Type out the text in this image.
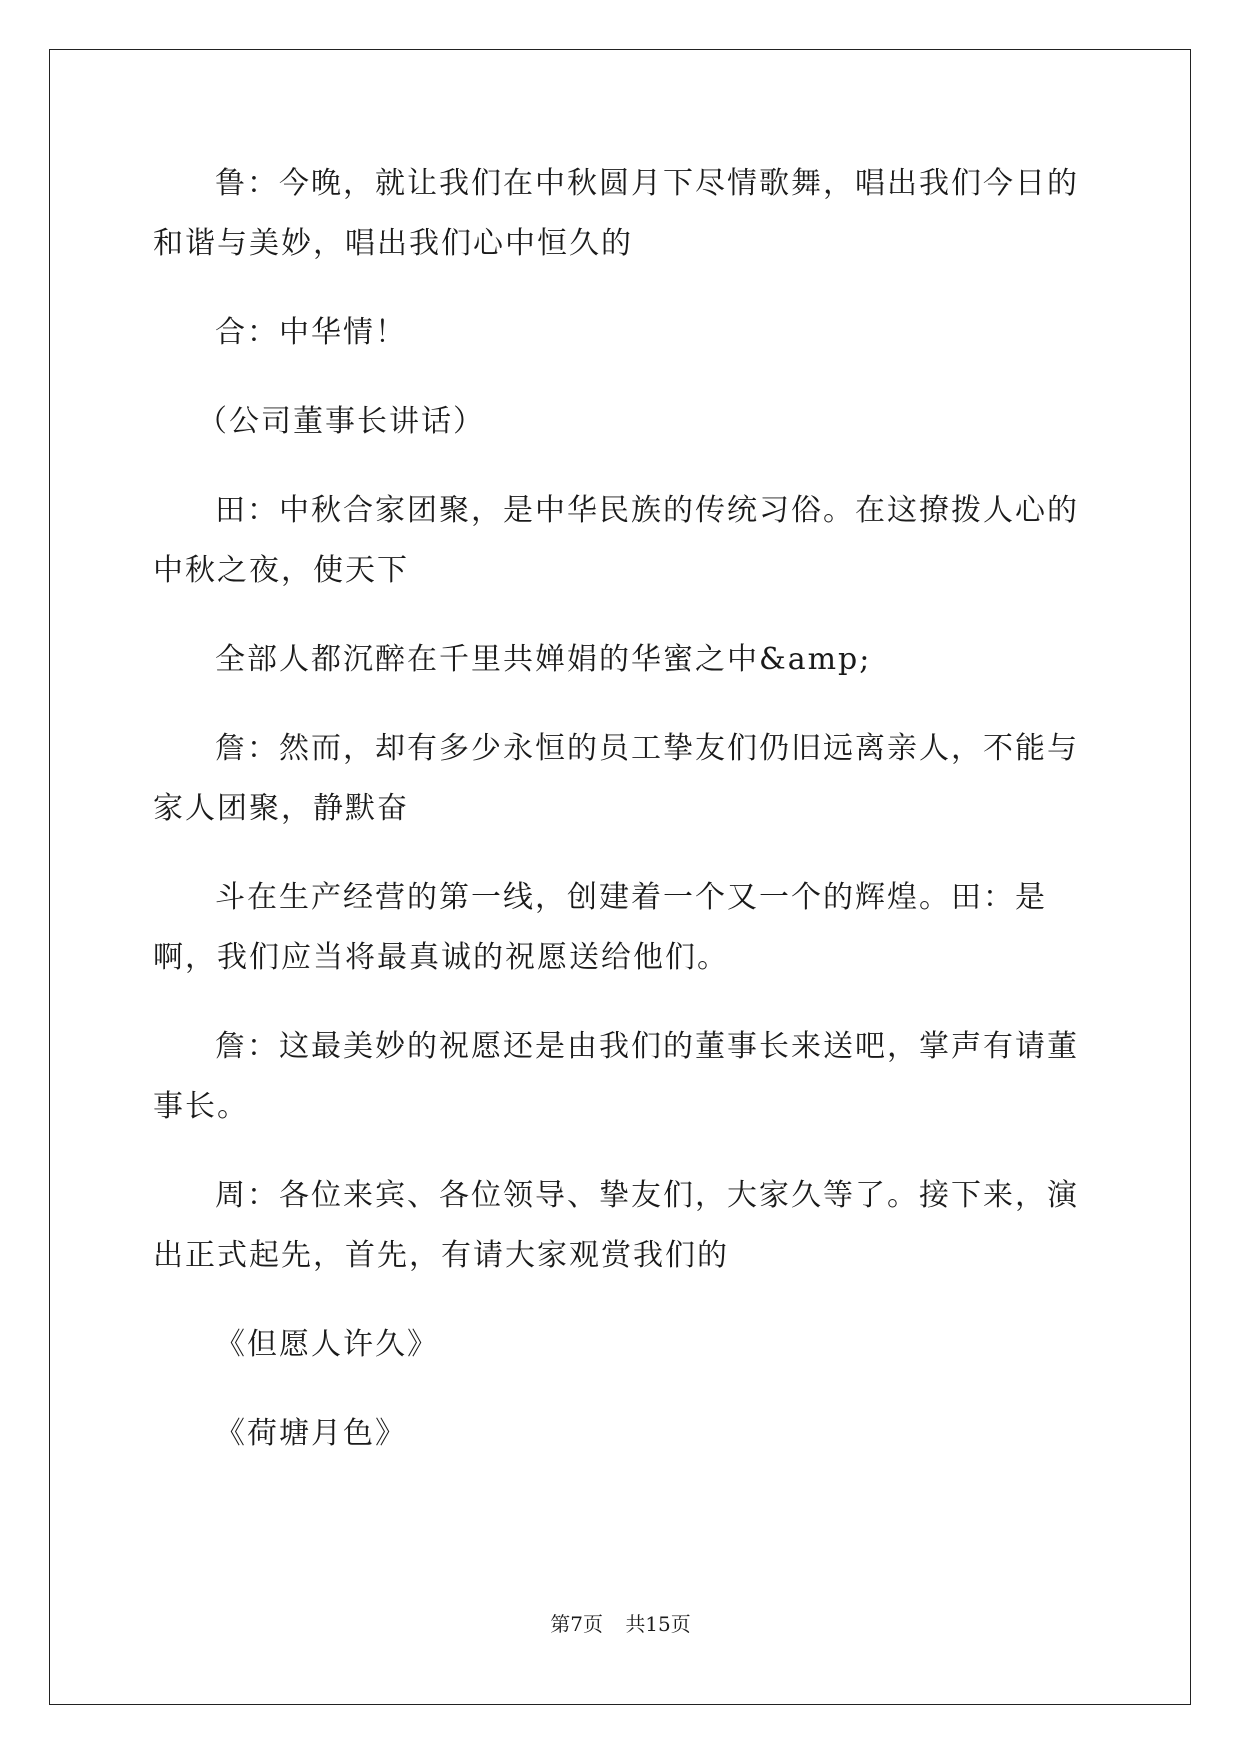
鲁：今晚，就让我们在中秋圆月下尽情歌舞，唱出我们今日的和谐与美妙，唱出我们心中恒久的

合：中华情！

（公司董事长讲话）

田：中秋合家团聚，是中华民族的传统习俗。在这撩拨人心的中秋之夜，使天下

全部人都沉醉在千里共婵娟的华蜜之中&amp;

詹：然而，却有多少永恒的员工挚友们仍旧远离亲人，不能与家人团聚，静默奋

斗在生产经营的第一线，创建着一个又一个的辉煌。田：是啊，我们应当将最真诚的祝愿送给他们。

詹：这最美妙的祝愿还是由我们的董事长来送吧，掌声有请董事长。

周：各位来宾、各位领导、挚友们，大家久等了。接下来，演出正式起先，首先，有请大家观赏我们的

《但愿人许久》

《荷塘月色》

第7页 共15页
